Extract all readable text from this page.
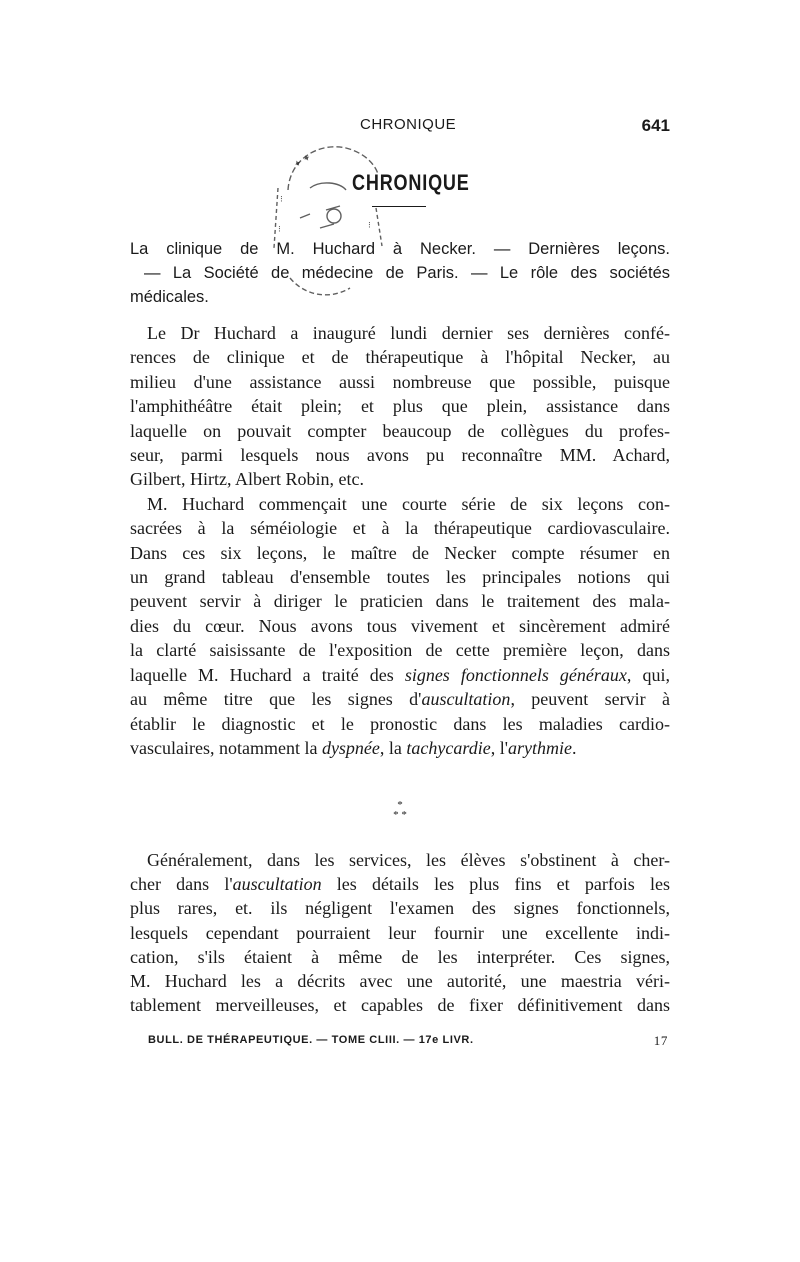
CHRONIQUE	641
✦ ✦
⁝
⁝	⁝
CHRONIQUE
La clinique de M. Huchard à Necker. — Dernières leçons.
— La Société de médecine de Paris. — Le rôle des sociétés
médicales.
Le Dr Huchard a inauguré lundi dernier ses dernières confé-
rences de clinique et de thérapeutique à l'hôpital Necker, au
milieu d'une assistance aussi nombreuse que possible, puisque
l'amphithéâtre était plein; et plus que plein, assistance dans
laquelle on pouvait compter beaucoup de collègues du profes-
seur, parmi lesquels nous avons pu reconnaître MM. Achard,
Gilbert, Hirtz, Albert Robin, etc.
M. Huchard commençait une courte série de six leçons con-
sacrées à la séméiologie et à la thérapeutique cardiovasculaire.
Dans ces six leçons, le maître de Necker compte résumer en
un grand tableau d'ensemble toutes les principales notions qui
peuvent servir à diriger le praticien dans le traitement des mala-
dies du cœur. Nous avons tous vivement et sincèrement admiré
la clarté saisissante de l'exposition de cette première leçon, dans
laquelle M. Huchard a traité des signes fonctionnels généraux, qui,
au même titre que les signes d'auscultation, peuvent servir à
établir le diagnostic et le pronostic dans les maladies cardio-
vasculaires, notamment la dyspnée, la tachycardie, l'arythmie.
*
* *
Généralement, dans les services, les élèves s'obstinent à cher-
cher dans l'auscultation les détails les plus fins et parfois les
plus rares, et. ils négligent l'examen des signes fonctionnels,
lesquels cependant pourraient leur fournir une excellente indi-
cation, s'ils étaient à même de les interpréter. Ces signes,
M. Huchard les a décrits avec une autorité, une maestria véri-
tablement merveilleuses, et capables de fixer définitivement dans
BULL. DE THÉRAPEUTIQUE. — TOME CLIII. — 17e LIVR.	17
